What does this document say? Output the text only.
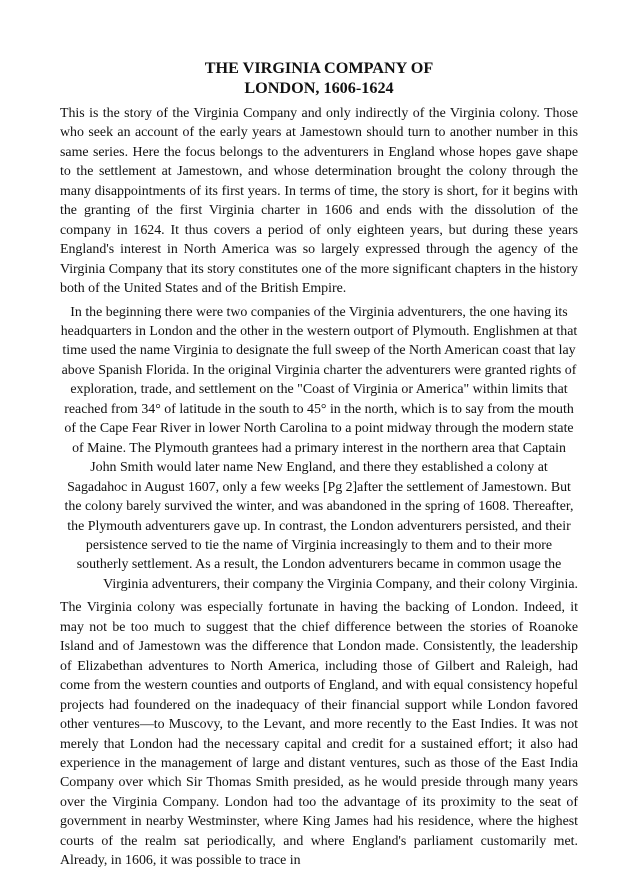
THE VIRGINIA COMPANY OF
LONDON, 1606-1624

This is the story of the Virginia Company and only indirectly of the Virginia colony. Those who seek an account of the early years at Jamestown should turn to another number in this same series. Here the focus belongs to the adventurers in England whose hopes gave shape to the settlement at Jamestown, and whose determination brought the colony through the many disappointments of its first years. In terms of time, the story is short, for it begins with the granting of the first Virginia charter in 1606 and ends with the dissolution of the company in 1624. It thus covers a period of only eighteen years, but during these years England's interest in North America was so largely expressed through the agency of the Virginia Company that its story constitutes one of the more significant chapters in the history both of the United States and of the British Empire.

In the beginning there were two companies of the Virginia adventurers, the one having its headquarters in London and the other in the western outport of Plymouth. Englishmen at that time used the name Virginia to designate the full sweep of the North American coast that lay above Spanish Florida. In the original Virginia charter the adventurers were granted rights of exploration, trade, and settlement on the "Coast of Virginia or America" within limits that reached from 34° of latitude in the south to 45° in the north, which is to say from the mouth of the Cape Fear River in lower North Carolina to a point midway through the modern state of Maine. The Plymouth grantees had a primary interest in the northern area that Captain John Smith would later name New England, and there they established a colony at Sagadahoc in August 1607, only a few weeks [Pg 2]after the settlement of Jamestown. But the colony barely survived the winter, and was abandoned in the spring of 1608. Thereafter, the Plymouth adventurers gave up. In contrast, the London adventurers persisted, and their persistence served to tie the name of Virginia increasingly to them and to their more southerly settlement. As a result, the London adventurers became in common usage the Virginia adventurers, their company the Virginia Company, and their colony Virginia.

The Virginia colony was especially fortunate in having the backing of London. Indeed, it may not be too much to suggest that the chief difference between the stories of Roanoke Island and of Jamestown was the difference that London made. Consistently, the leadership of Elizabethan adventures to North America, including those of Gilbert and Raleigh, had come from the western counties and outports of England, and with equal consistency hopeful projects had foundered on the inadequacy of their financial support while London favored other ventures—to Muscovy, to the Levant, and more recently to the East Indies. It was not merely that London had the necessary capital and credit for a sustained effort; it also had experience in the management of large and distant ventures, such as those of the East India Company over which Sir Thomas Smith presided, as he would preside through many years over the Virginia Company. London had too the advantage of its proximity to the seat of government in nearby Westminster, where King James had his residence, where the highest courts of the realm sat periodically, and where England's parliament customarily met. Already, in 1606, it was possible to trace in
